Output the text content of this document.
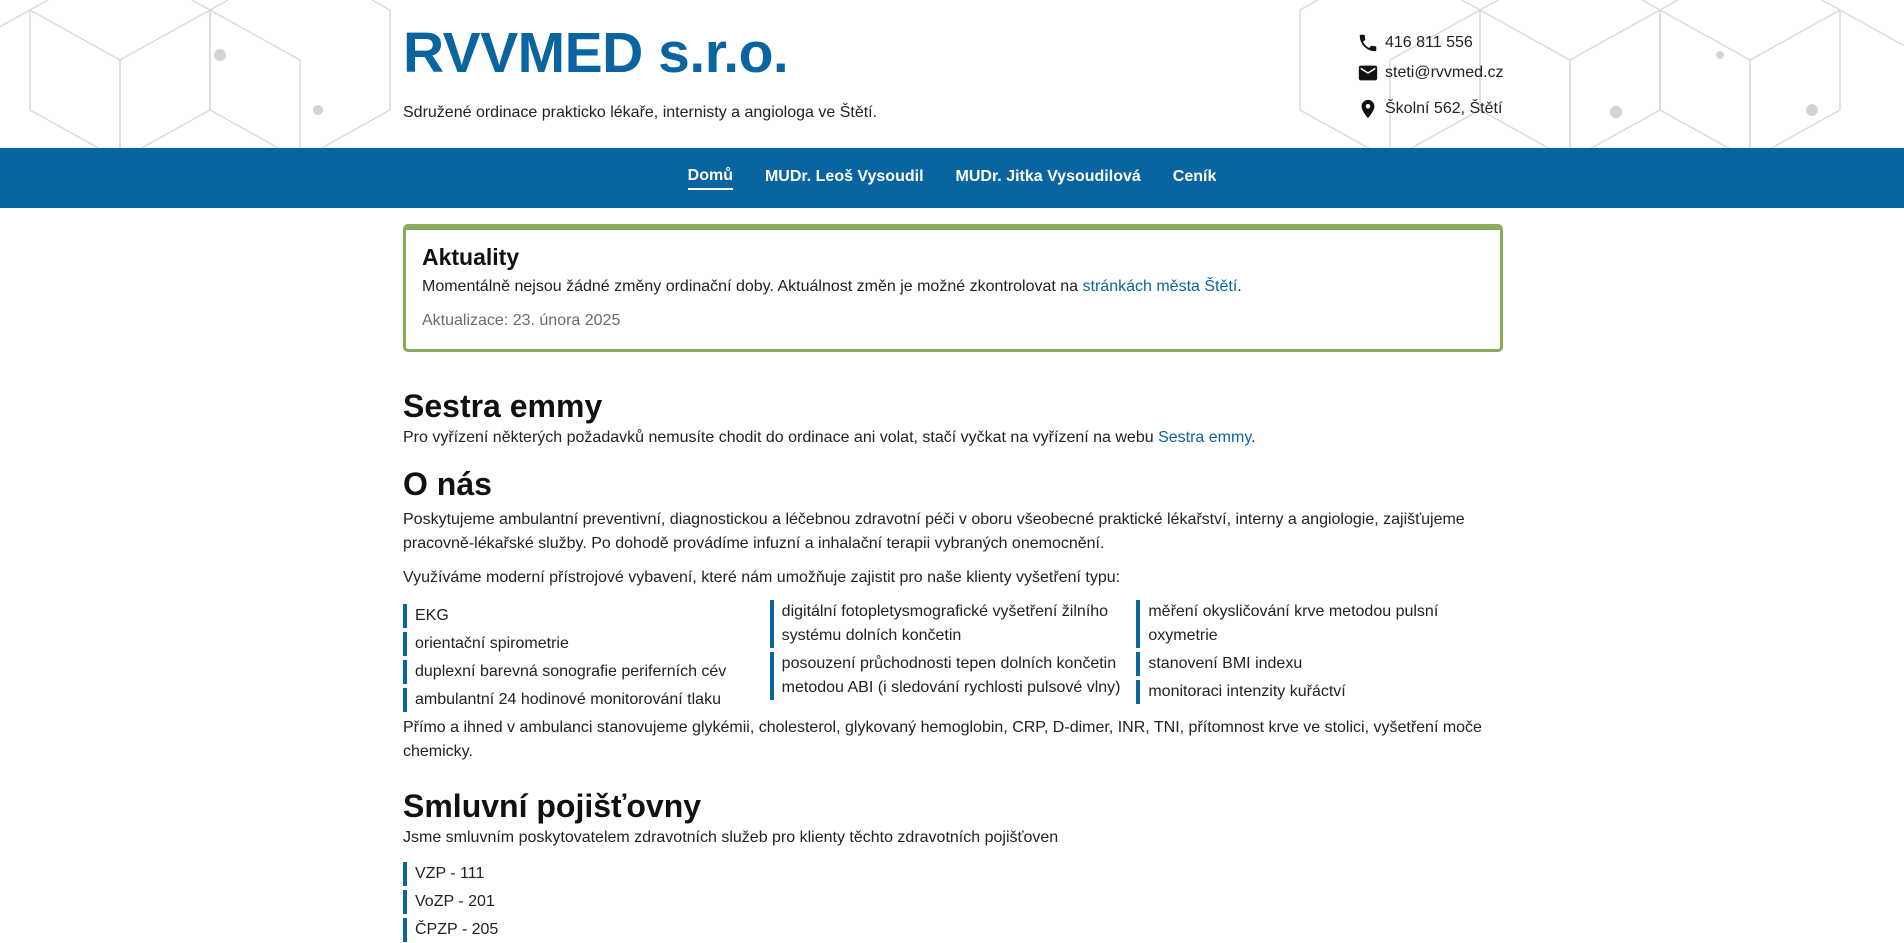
RVVMED s.r.o.
Sdružené ordinace prakticko lékaře, internisty a angiologa ve Štětí.
416 811 556
steti@rvvmed.cz
Školní 562, Štětí
Domů MUDr. Leoš Vysoudil MUDr. Jitka Vysoudilová Ceník
Aktuality

Momentálně nejsou žádné změny ordinační doby. Aktuálnost změn je možné zkontrolovat na stránkách města Štětí.

Aktualizace: 23. února 2025

Sestra emmy

Pro vyřízení některých požadavků nemusíte chodit do ordinace ani volat, stačí vyčkat na vyřízení na webu Sestra emmy.

O nás

Poskytujeme ambulantní preventivní, diagnostickou a léčebnou zdravotní péči v oboru všeobecné praktické lékařství, interny a angiologie, zajišťujeme pracovně-lékařské služby. Po dohodě provádíme infuzní a inhalační terapii vybraných onemocnění.

Využíváme moderní přístrojové vybavení, které nám umožňuje zajistit pro naše klienty vyšetření typu:

EKG
orientační spirometrie
duplexní barevná sonografie periferních cév
ambulantní 24 hodinové monitorování tlaku
digitální fotopletysmografické vyšetření žilního systému dolních končetin
posouzení průchodnosti tepen dolních končetin metodou ABI (i sledování rychlosti pulsové vlny)
měření okysličování krve metodou pulsní oxymetrie
stanovení BMI indexu
monitoraci intenzity kuřáctví

Přímo a ihned v ambulanci stanovujeme glykémii, cholesterol, glykovaný hemoglobin, CRP, D-dimer, INR, TNI, přítomnost krve ve stolici, vyšetření moče chemicky.

Smluvní pojišťovny

Jsme smluvním poskytovatelem zdravotních služeb pro klienty těchto zdravotních pojišťoven

VZP - 111
VoZP - 201
ČPZP - 205
